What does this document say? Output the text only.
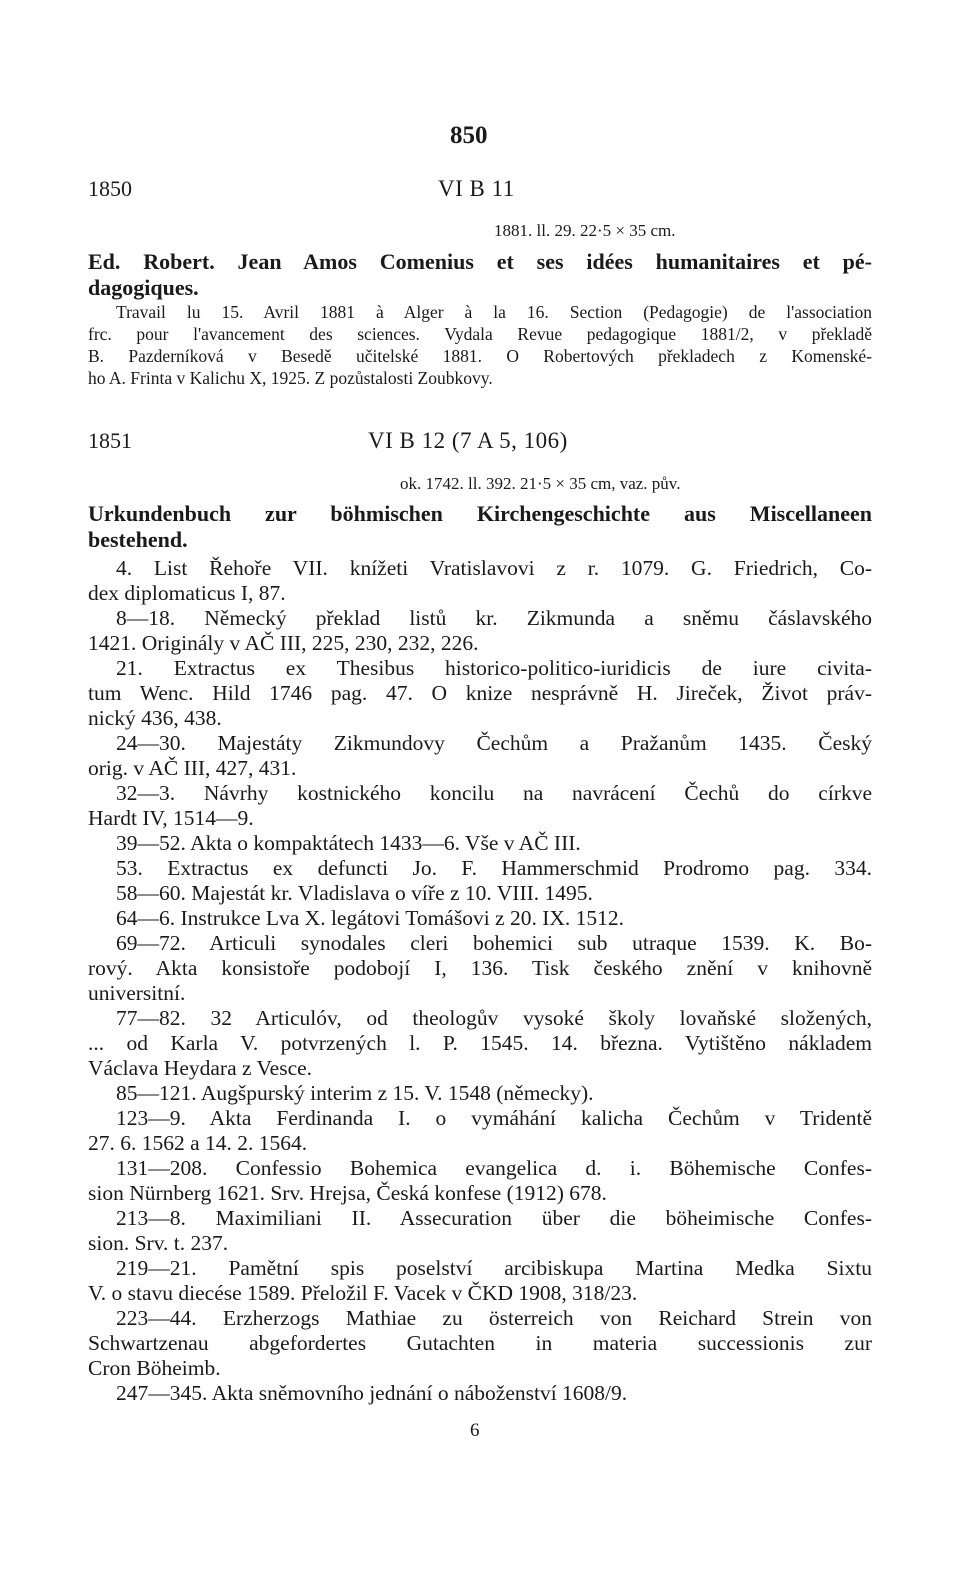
850
1850	VI B 11
1881. ll. 29. 22·5 × 35 cm.
Ed. Robert. Jean Amos Comenius et ses idées humanitaires et pé-
dagogiques.
Travail lu 15. Avril 1881 à Alger à la 16. Section (Pedagogie) de l'association
frc. pour l'avancement des sciences. Vydala Revue pedagogique 1881/2, v překladě
B. Pazderníková v Besedě učitelské 1881. O Robertových překladech z Komenské-
ho A. Frinta v Kalichu X, 1925. Z pozůstalosti Zoubkovy.
1851	VI B 12 (7 A 5, 106)
ok. 1742. ll. 392. 21·5 × 35 cm, vaz. pův.
Urkundenbuch zur böhmischen Kirchengeschichte aus Miscellaneen
bestehend.
4. List Řehoře VII. knížeti Vratislavovi z r. 1079. G. Friedrich, Co-
dex diplomaticus I, 87.
8—18. Německý překlad listů kr. Zikmunda a sněmu čáslavského
1421. Originály v AČ III, 225, 230, 232, 226.
21. Extractus ex Thesibus historico-politico-iuridicis de iure civita-
tum Wenc. Hild 1746 pag. 47. O knize nesprávně H. Jireček, Život práv-
nický 436, 438.
24—30. Majestáty Zikmundovy Čechům a Pražanům 1435. Český
orig. v AČ III, 427, 431.
32—3. Návrhy kostnického koncilu na navrácení Čechů do církve
Hardt IV, 1514—9.
39—52. Akta o kompaktátech 1433—6. Vše v AČ III.
53. Extractus ex defuncti Jo. F. Hammerschmid Prodromo pag. 334.
58—60. Majestát kr. Vladislava o víře z 10. VIII. 1495.
64—6. Instrukce Lva X. legátovi Tomášovi z 20. IX. 1512.
69—72. Articuli synodales cleri bohemici sub utraque 1539. K. Bo-
rový. Akta konsistoře podobojí I, 136. Tisk českého znění v knihovně
universitní.
77—82. 32 Articulóv, od theologův vysoké školy lovaňské složených,
... od Karla V. potvrzených l. P. 1545. 14. března. Vytištěno nákladem
Václava Heydara z Vesce.
85—121. Augšpurský interim z 15. V. 1548 (německy).
123—9. Akta Ferdinanda I. o vymáhání kalicha Čechům v Tridentě
27. 6. 1562 a 14. 2. 1564.
131—208. Confessio Bohemica evangelica d. i. Böhemische Confes-
sion Nürnberg 1621. Srv. Hrejsa, Česká konfese (1912) 678.
213—8. Maximiliani II. Assecuration über die böheimische Confes-
sion. Srv. t. 237.
219—21. Pamětní spis poselství arcibiskupa Martina Medka Sixtu
V. o stavu diecése 1589. Přeložil F. Vacek v ČKD 1908, 318/23.
223—44. Erzherzogs Mathiae zu österreich von Reichard Strein von
Schwartzenau abgefordertes Gutachten in materia successionis zur
Cron Böheimb.
247—345. Akta sněmovního jednání o náboženství 1608/9.
6
